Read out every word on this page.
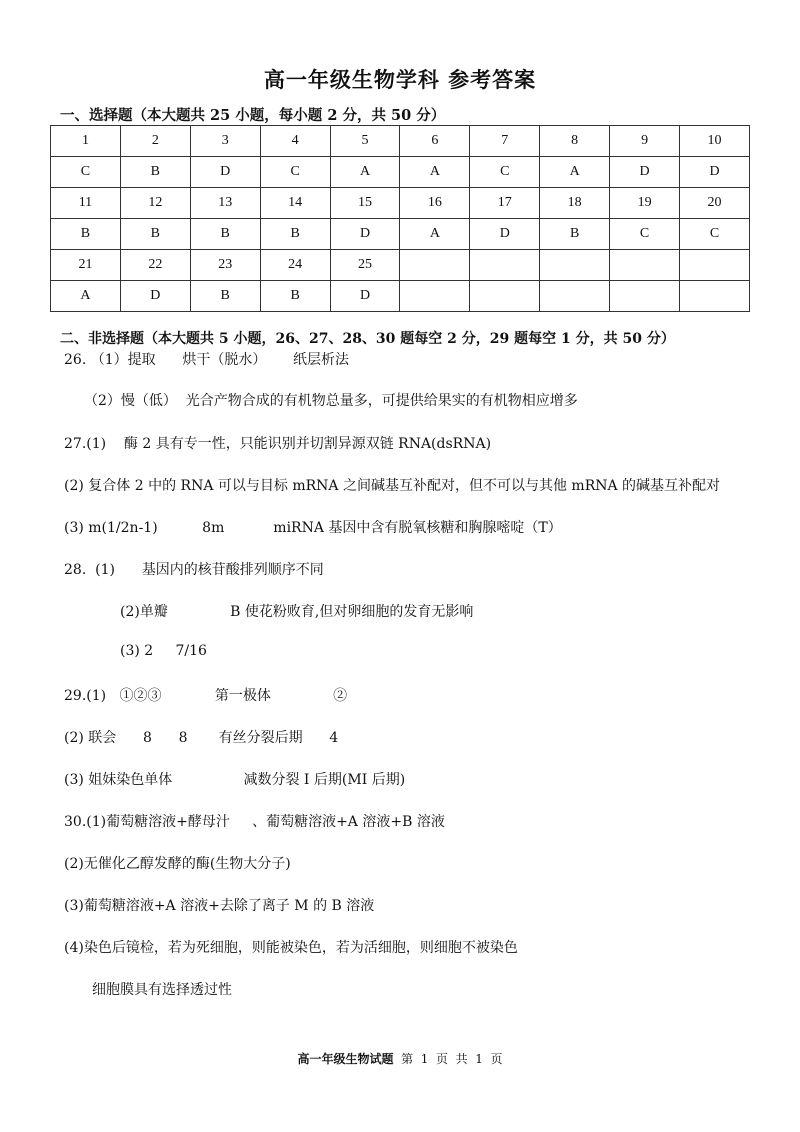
高一年级生物学科 参考答案
一、选择题（本大题共 25 小题，每小题 2 分，共 50 分）
1	2	3	4	5	6	7	8	9	10
C	B	D	C	A	A	C	A	D	D
11	12	13	14	15	16	17	18	19	20
B	B	B	B	D	A	D	B	C	C
21	22	23	24	25					
A	D	B	B	D					
二、非选择题（本大题共 5 小题，26、27、28、30 题每空 2 分，29 题每空 1 分，共 50 分）
26. （1）提取      烘干（脱水）      纸层析法
（2）慢（低）  光合产物合成的有机物总量多，可提供给果实的有机物相应增多
27.(1)    酶 2 具有专一性，只能识别并切割异源双链 RNA(dsRNA)
(2) 复合体 2 中的 RNA 可以与目标 mRNA 之间碱基互补配对，但不可以与其他 mRNA 的碱基互补配对
(3) m(1/2n-1)          8m           miRNA 基因中含有脱氧核糖和胸腺嘧啶（T）
28.  (1)      基因内的核苷酸排列顺序不同
(2)单瓣              B 使花粉败育,但对卵细胞的发育无影响
(3) 2     7/16
29.(1)   ①②③            第一极体              ②
(2) 联会      8      8       有丝分裂后期      4
(3) 姐妹染色单体                减数分裂 Ⅰ 后期(MⅠ 后期)
30.(1)葡萄糖溶液+酵母汁     、葡萄糖溶液+A 溶液+B 溶液
(2)无催化乙醇发酵的酶(生物大分子)
(3)葡萄糖溶液+A 溶液+去除了离子 M 的 B 溶液
(4)染色后镜检，若为死细胞，则能被染色，若为活细胞，则细胞不被染色
细胞膜具有选择透过性
高一年级生物试题  第  1  页  共  1  页
